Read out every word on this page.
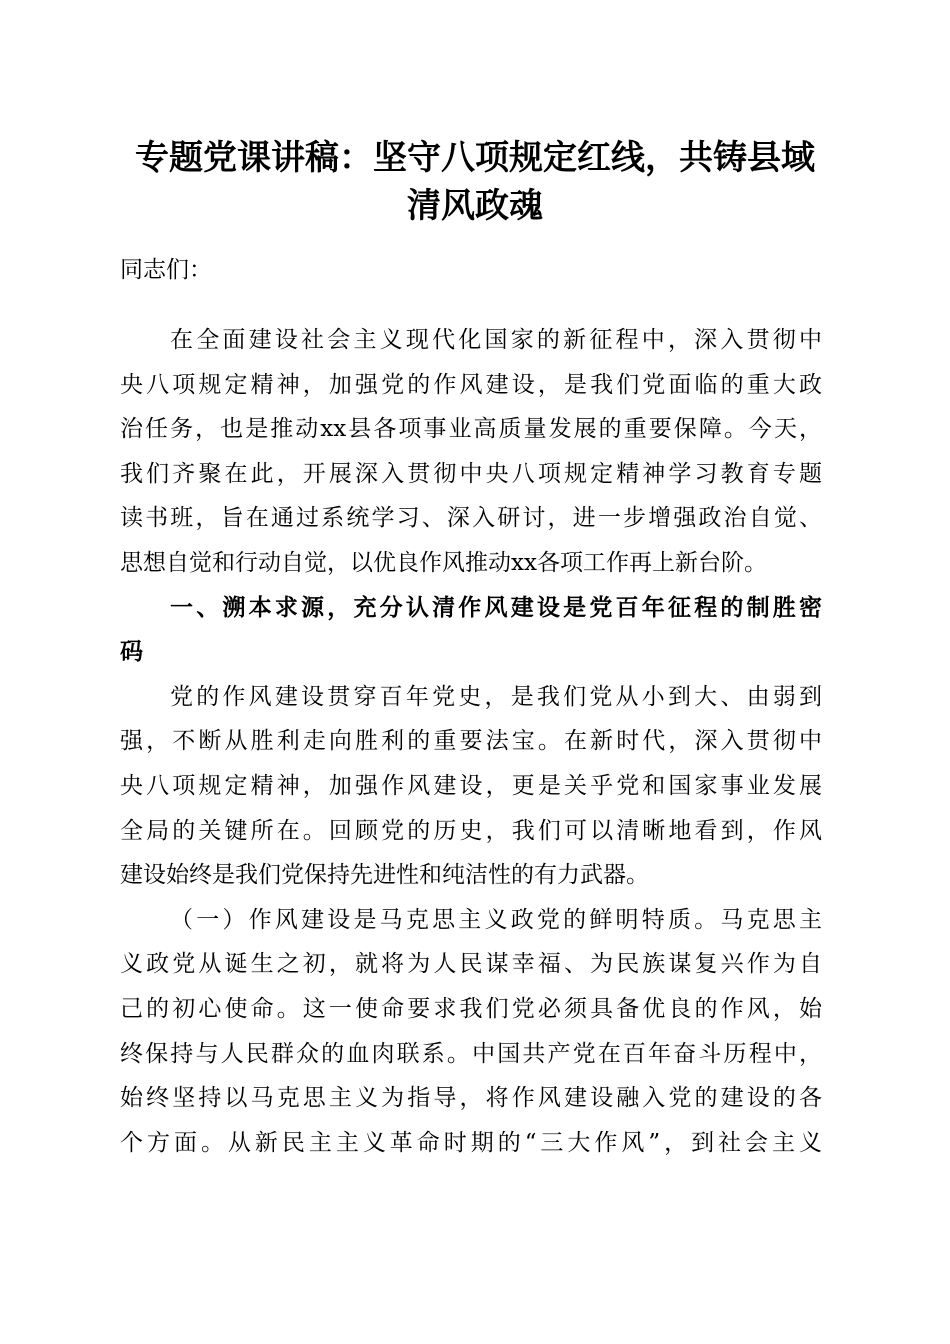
专题党课讲稿：坚守八项规定红线，共铸县域
清风政魂
同志们：
在全面建设社会主义现代化国家的新征程中，深入贯彻中
央八项规定精神，加强党的作风建设，是我们党面临的重大政
治任务，也是推动xx县各项事业高质量发展的重要保障。今天，
我们齐聚在此，开展深入贯彻中央八项规定精神学习教育专题
读书班，旨在通过系统学习、深入研讨，进一步增强政治自觉、
思想自觉和行动自觉，以优良作风推动xx各项工作再上新台阶。
一、溯本求源，充分认清作风建设是党百年征程的制胜密
码
党的作风建设贯穿百年党史，是我们党从小到大、由弱到
强，不断从胜利走向胜利的重要法宝。在新时代，深入贯彻中
央八项规定精神，加强作风建设，更是关乎党和国家事业发展
全局的关键所在。回顾党的历史，我们可以清晰地看到，作风
建设始终是我们党保持先进性和纯洁性的有力武器。
（一）作风建设是马克思主义政党的鲜明特质。马克思主
义政党从诞生之初，就将为人民谋幸福、为民族谋复兴作为自
己的初心使命。这一使命要求我们党必须具备优良的作风，始
终保持与人民群众的血肉联系。中国共产党在百年奋斗历程中，
始终坚持以马克思主义为指导，将作风建设融入党的建设的各
个方面。从新民主主义革命时期的“三大作风”，到社会主义
